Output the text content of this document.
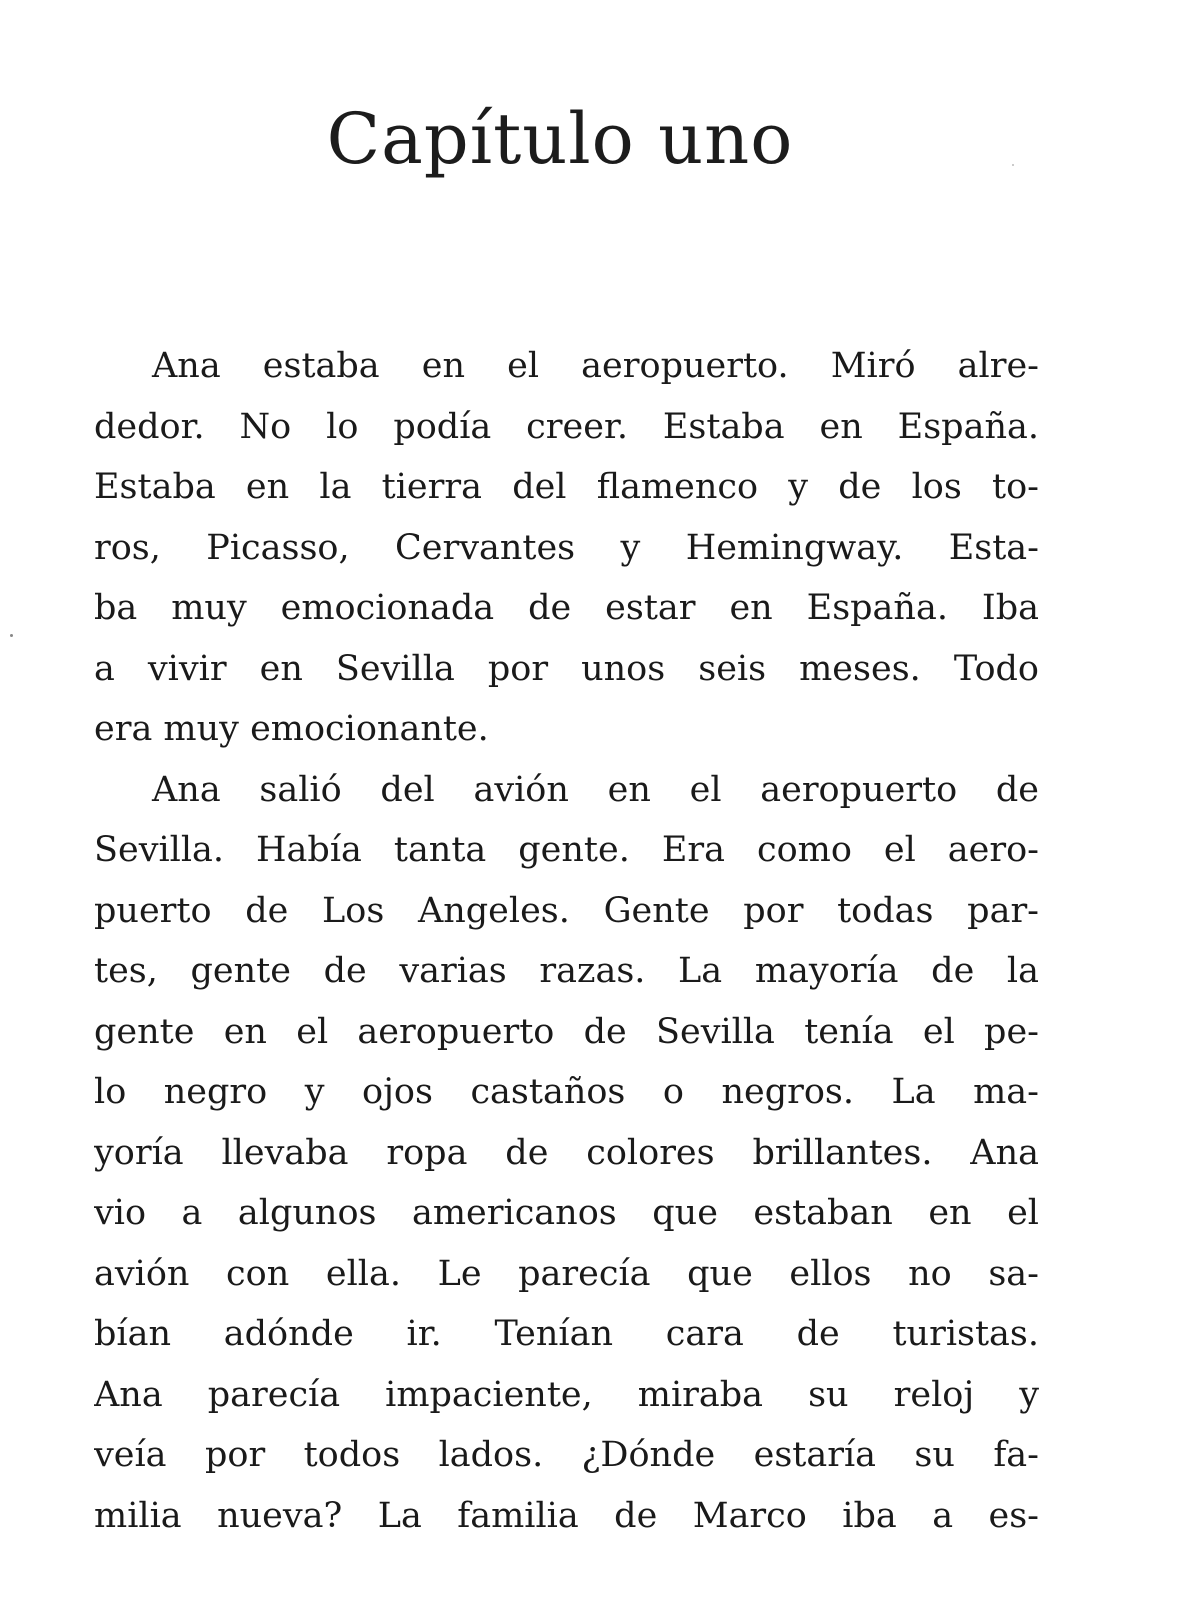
Capítulo uno
Ana estaba en el aeropuerto. Miró alre-
dedor. No lo podía creer. Estaba en España.
Estaba en la tierra del flamenco y de los to-
ros, Picasso, Cervantes y Hemingway. Esta-
ba muy emocionada de estar en España. Iba
a vivir en Sevilla por unos seis meses. Todo
era muy emocionante.
Ana salió del avión en el aeropuerto de
Sevilla. Había tanta gente. Era como el aero-
puerto de Los Angeles. Gente por todas par-
tes, gente de varias razas. La mayoría de la
gente en el aeropuerto de Sevilla tenía el pe-
lo negro y ojos castaños o negros. La ma-
yoría llevaba ropa de colores brillantes. Ana
vio a algunos americanos que estaban en el
avión con ella. Le parecía que ellos no sa-
bían adónde ir. Tenían cara de turistas.
Ana parecía impaciente, miraba su reloj y
veía por todos lados. ¿Dónde estaría su fa-
milia nueva? La familia de Marco iba a es-
